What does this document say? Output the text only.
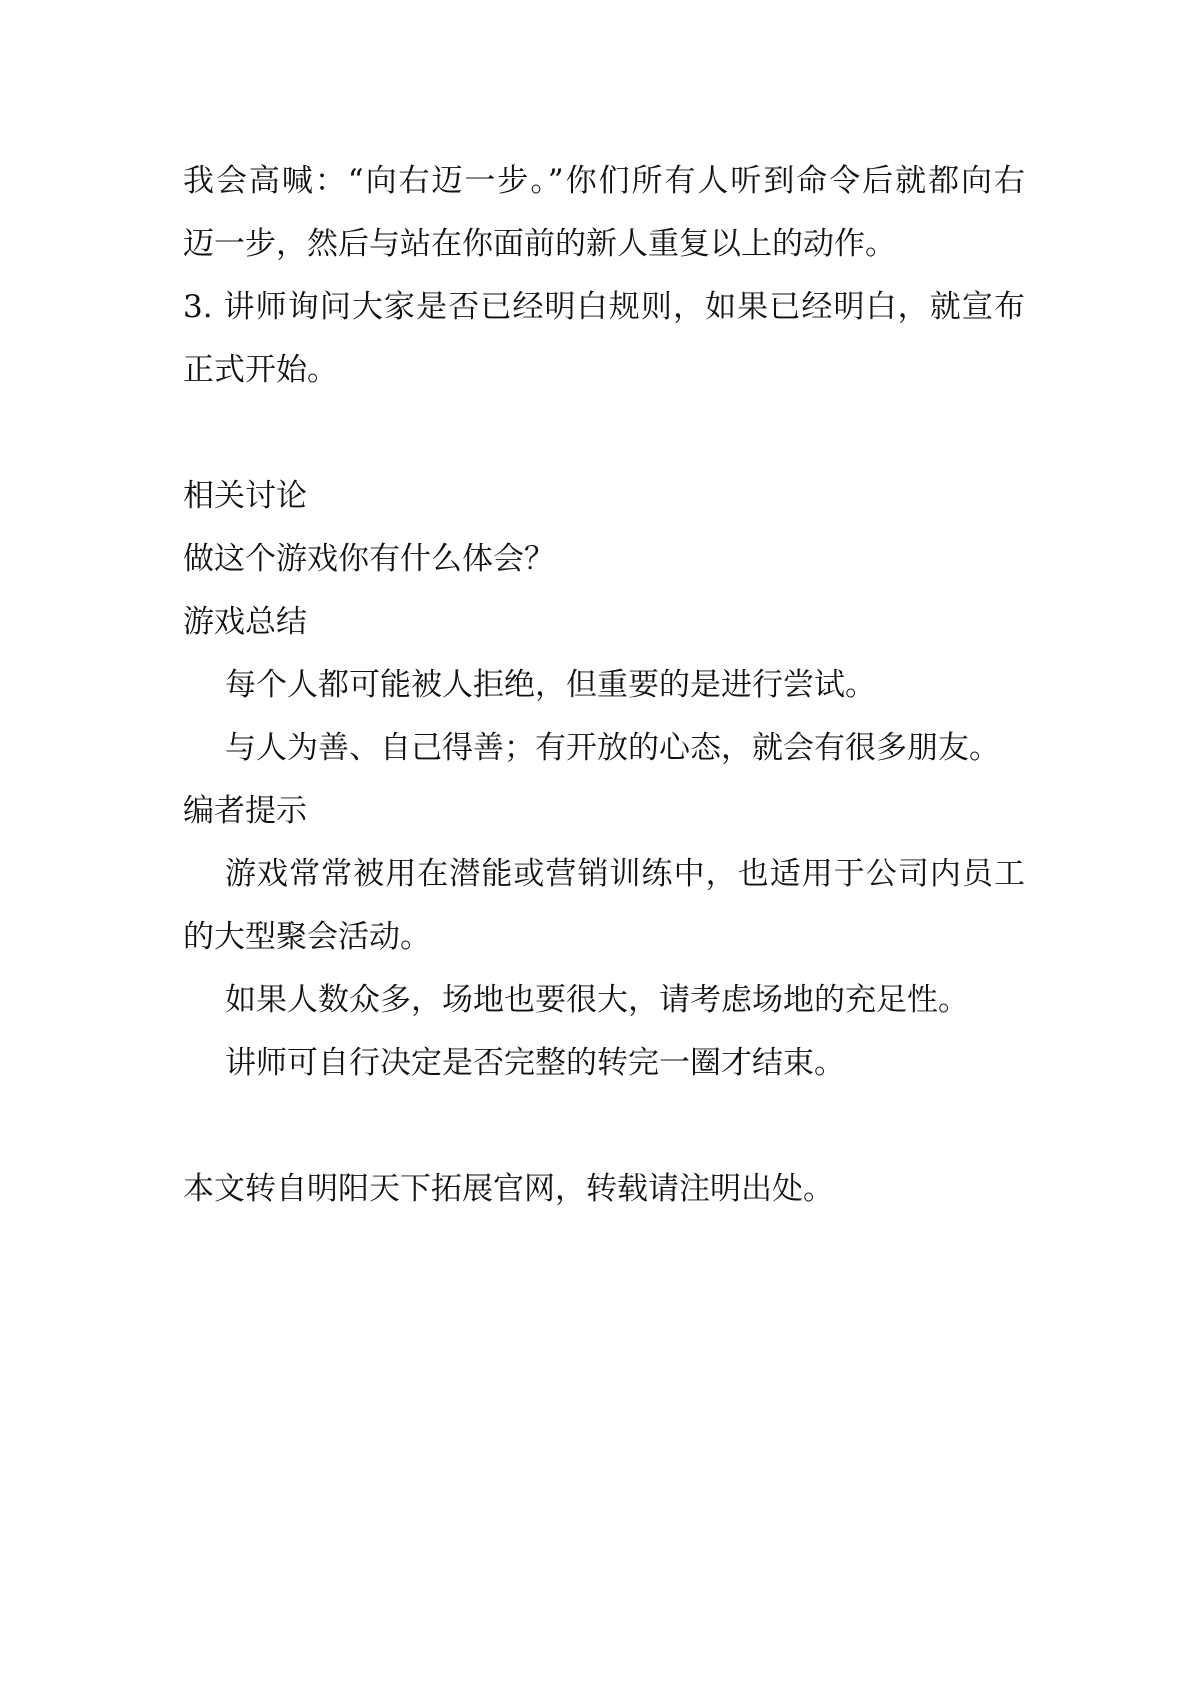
我会高喊：“向右迈一步。”你们所有人听到命令后就都向右
迈一步，然后与站在你面前的新人重复以上的动作。
3. 讲师询问大家是否已经明白规则，如果已经明白，就宣布
正式开始。
相关讨论
做这个游戏你有什么体会？
游戏总结
每个人都可能被人拒绝，但重要的是进行尝试。
与人为善、自己得善；有开放的心态，就会有很多朋友。
编者提示
游戏常常被用在潜能或营销训练中，也适用于公司内员工
的大型聚会活动。
如果人数众多，场地也要很大，请考虑场地的充足性。
讲师可自行决定是否完整的转完一圈才结束。
本文转自明阳天下拓展官网，转载请注明出处。
